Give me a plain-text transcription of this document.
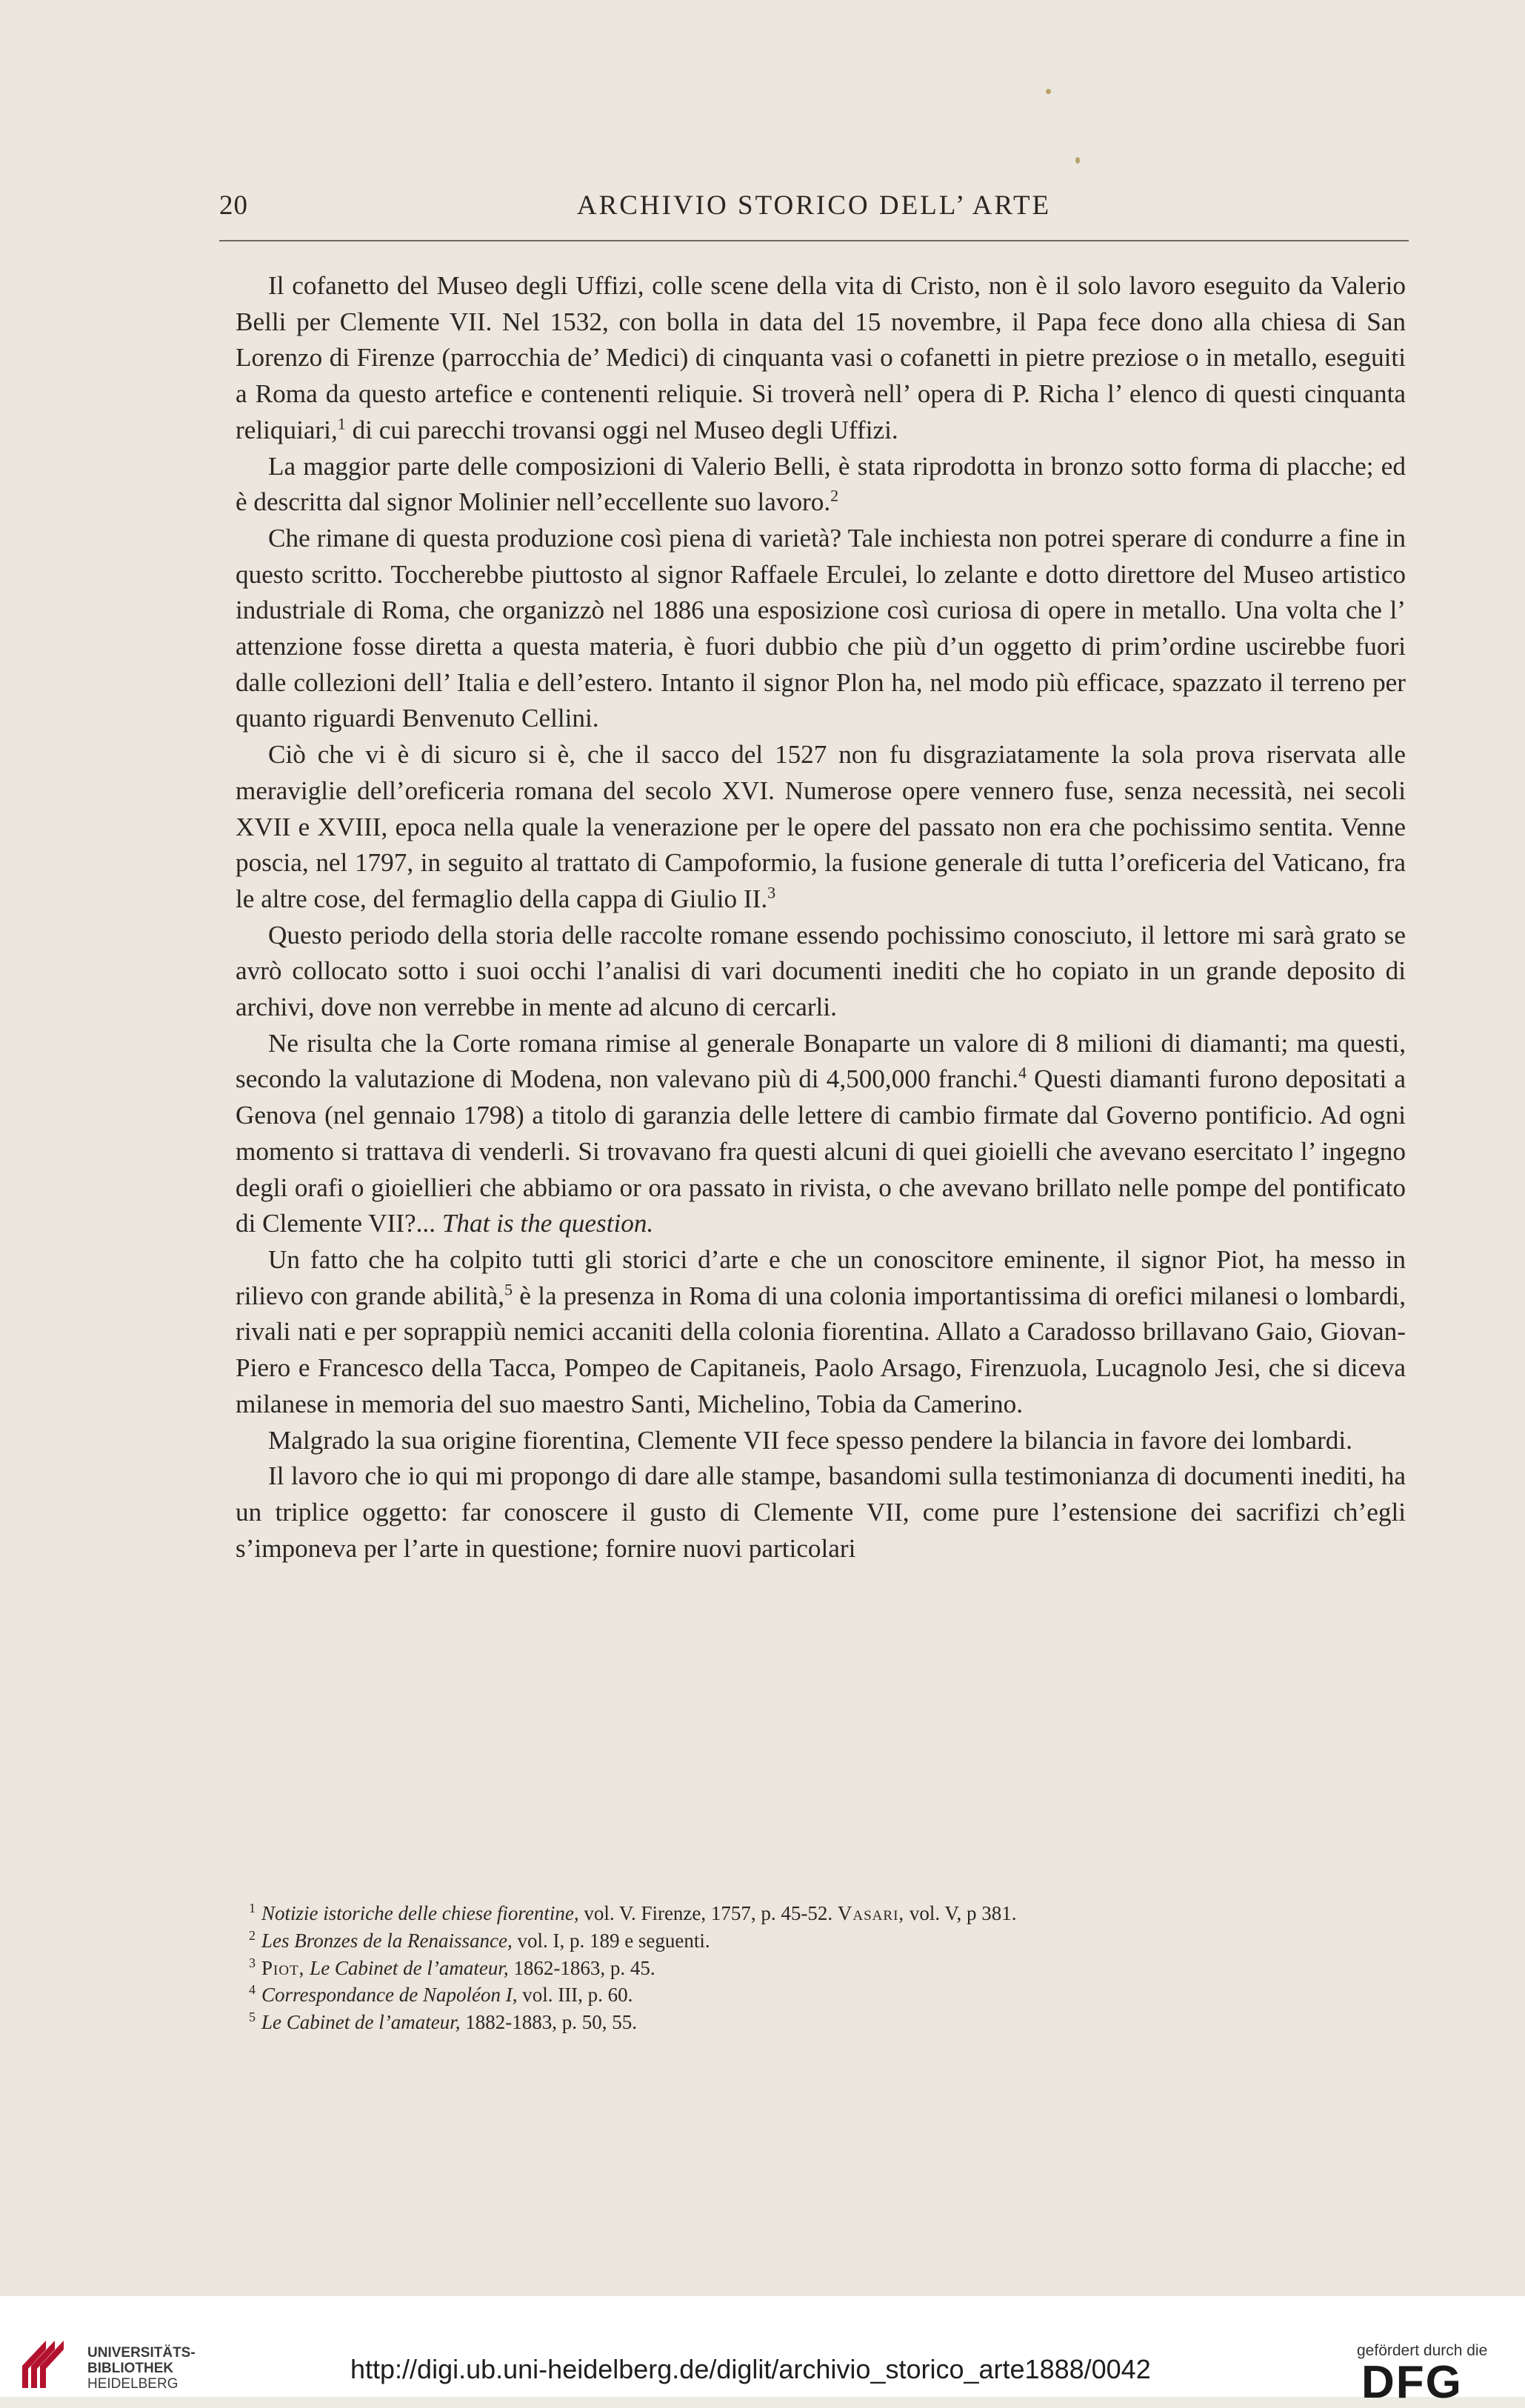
20	ARCHIVIO STORICO DELL’ ARTE

Il cofanetto del Museo degli Uffizi, colle scene della vita di Cristo, non è il solo lavoro eseguito da Valerio Belli per Clemente VII. Nel 1532, con bolla in data del 15 novembre, il Papa fece dono alla chiesa di San Lorenzo di Firenze (parrocchia de’ Medici) di cinquanta vasi o cofanetti in pietre preziose o in metallo, eseguiti a Roma da questo artefice e contenenti reliquie. Si troverà nell’ opera di P. Richa l’ elenco di questi cinquanta reliquiari,$^1$ di cui parecchi trovansi oggi nel Museo degli Uffizi.

La maggior parte delle composizioni di Valerio Belli, è stata riprodotta in bronzo sotto forma di placche; ed è descritta dal signor Molinier nell’eccellente suo lavoro.$^2$

Che rimane di questa produzione così piena di varietà? Tale inchiesta non potrei sperare di condurre a fine in questo scritto. Toccherebbe piuttosto al signor Raffaele Erculei, lo zelante e dotto direttore del Museo artistico industriale di Roma, che organizzò nel 1886 una esposizione così curiosa di opere in metallo. Una volta che l’ attenzione fosse diretta a questa materia, è fuori dubbio che più d’un oggetto di prim’ordine uscirebbe fuori dalle collezioni dell’ Italia e dell’estero. Intanto il signor Plon ha, nel modo più efficace, spazzato il terreno per quanto riguardi Benvenuto Cellini.

Ciò che vi è di sicuro si è, che il sacco del 1527 non fu disgraziatamente la sola prova riservata alle meraviglie dell’oreficeria romana del secolo XVI. Numerose opere vennero fuse, senza necessità, nei secoli XVII e XVIII, epoca nella quale la venerazione per le opere del passato non era che pochissimo sentita. Venne poscia, nel 1797, in seguito al trattato di Campoformio, la fusione generale di tutta l’oreficeria del Vaticano, fra le altre cose, del fermaglio della cappa di Giulio II.$^3$

Questo periodo della storia delle raccolte romane essendo pochissimo conosciuto, il lettore mi sarà grato se avrò collocato sotto i suoi occhi l’analisi di vari documenti inediti che ho copiato in un grande deposito di archivi, dove non verrebbe in mente ad alcuno di cercarli.

Ne risulta che la Corte romana rimise al generale Bonaparte un valore di 8 milioni di diamanti; ma questi, secondo la valutazione di Modena, non valevano più di 4,500,000 franchi.$^4$ Questi diamanti furono depositati a Genova (nel gennaio 1798) a titolo di garanzia delle lettere di cambio firmate dal Governo pontificio. Ad ogni momento si trattava di venderli. Si trovavano fra questi alcuni di quei gioielli che avevano esercitato l’ ingegno degli orafi o gioiellieri che abbiamo or ora passato in rivista, o che avevano brillato nelle pompe del pontificato di Clemente VII?... That is the question.

Un fatto che ha colpito tutti gli storici d’arte e che un conoscitore eminente, il signor Piot, ha messo in rilievo con grande abilità,$^5$ è la presenza in Roma di una colonia importantissima di orefici milanesi o lombardi, rivali nati e per soprappiù nemici accaniti della colonia fiorentina. Allato a Caradosso brillavano Gaio, Giovan-Piero e Francesco della Tacca, Pompeo de Capitaneis, Paolo Arsago, Firenzuola, Lucagnolo Jesi, che si diceva milanese in memoria del suo maestro Santi, Michelino, Tobia da Camerino.

Malgrado la sua origine fiorentina, Clemente VII fece spesso pendere la bilancia in favore dei lombardi.

Il lavoro che io qui mi propongo di dare alle stampe, basandomi sulla testimonianza di documenti inediti, ha un triplice oggetto: far conoscere il gusto di Clemente VII, come pure l’estensione dei sacrifizi ch’egli s’imponeva per l’arte in questione; fornire nuovi particolari

$^1$ Notizie istoriche delle chiese fiorentine, vol. V. Firenze, 1757, p. 45-52. Vasari, vol. V, p 381.
$^2$ Les Bronzes de la Renaissance, vol. I, p. 189 e seguenti.
$^3$ Piot, Le Cabinet de l’amateur, 1862-1863, p. 45.
$^4$ Correspondance de Napoléon I, vol. III, p. 60.
$^5$ Le Cabinet de l’amateur, 1882-1883, p. 50, 55.
UNIVERSITÄTS-
BIBLIOTHEK
HEIDELBERG	http://digi.ub.uni-heidelberg.de/diglit/archivio_storico_arte1888/0042
gefördert durch die
DFG
